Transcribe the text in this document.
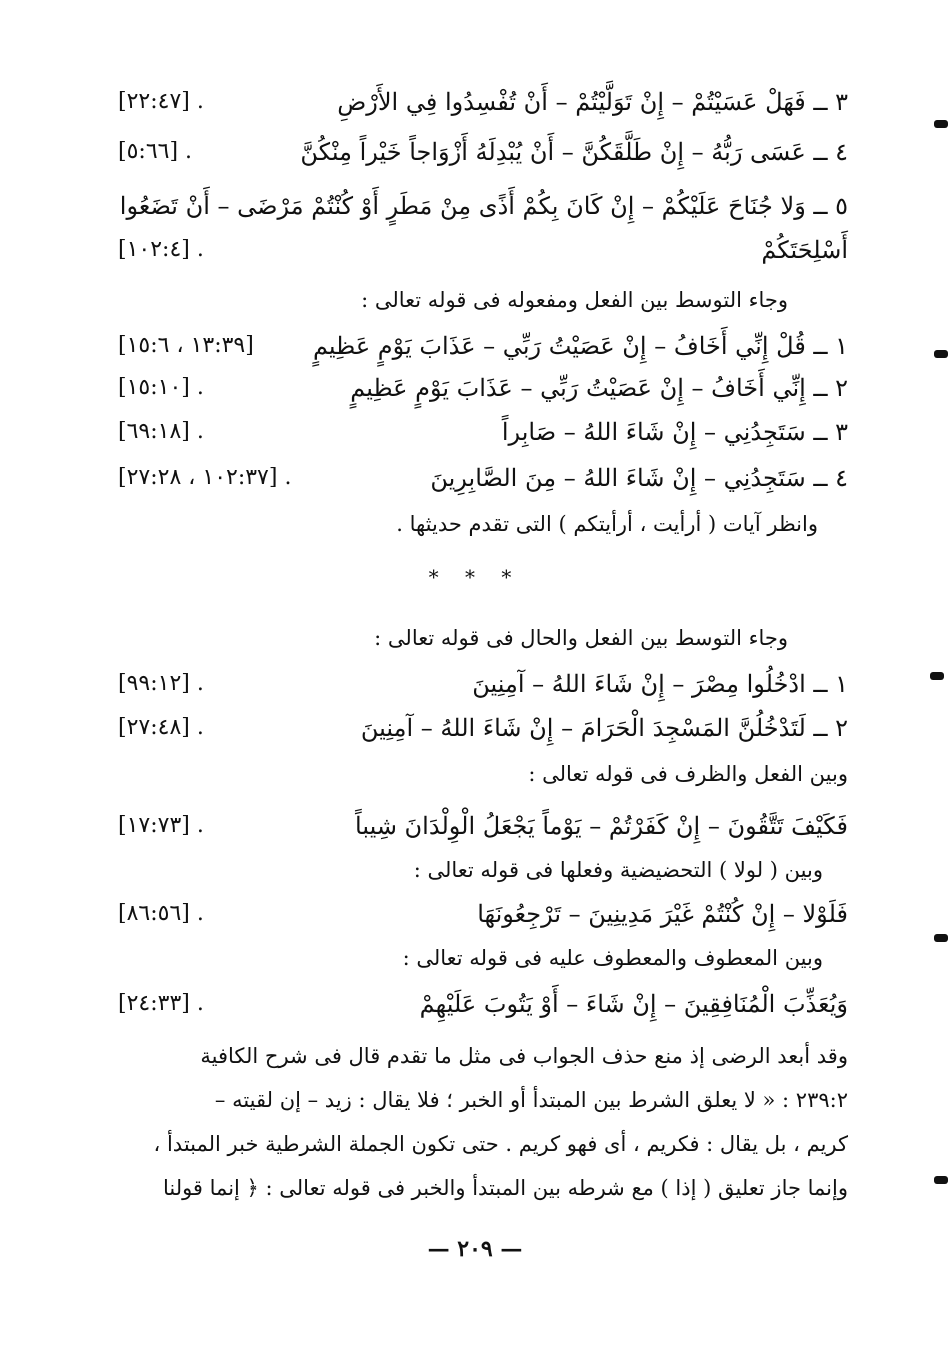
٣ ــ فَهَلْ عَسَيْتُمْ – إِنْ تَوَلَّيْتُمْ – أَنْ تُفْسِدُوا فِي الأَرْضِ
[٢٢:٤٧] .
٤ ــ عَسَى رَبُّهُ – إِنْ طَلَّقَكُنَّ – أَنْ يُبْدِلَهُ أَزْوَاجاً خَيْراً مِنْكُنَّ
[٥:٦٦] .
٥ ــ وَلا جُنَاحَ عَلَيْكُمْ – إِنْ كَانَ بِكُمْ أَذًى مِنْ مَطَرٍ أَوْ كُنْتُمْ مَرْضَى – أَنْ تَضَعُوا
أَسْلِحَتَكُمْ
[١٠٢:٤] .
وجاء التوسط بين الفعل ومفعوله فى قوله تعالى :
١ ــ قُلْ إِنِّي أَخَافُ – إِنْ عَصَيْتُ رَبِّي – عَذَابَ يَوْمٍ عَظِيمٍ
[١٣:٣٩ ، ١٥:٦]
٢ ــ إِنِّي أَخَافُ – إِنْ عَصَيْتُ رَبِّي – عَذَابَ يَوْمٍ عَظِيمٍ
[١٥:١٠] .
٣ ــ سَتَجِدُنِي – إِنْ شَاءَ اللهُ – صَابِراً
[٦٩:١٨] .
٤ ــ سَتَجِدُنِي – إِنْ شَاءَ اللهُ – مِنَ الصَّابِرِينَ
[١٠٢:٣٧ ، ٢٧:٢٨] .
وانظر آيات ( أرأيت ، أرأيتكم ) التى تقدم حديثها .
* * *
وجاء التوسط بين الفعل والحال فى قوله تعالى :
١ ــ ادْخُلُوا مِصْرَ – إِنْ شَاءَ اللهُ – آمِنِينَ
[٩٩:١٢] .
٢ ــ لَتَدْخُلُنَّ المَسْجِدَ الْحَرَامَ – إِنْ شَاءَ اللهُ – آمِنِينَ
[٢٧:٤٨] .
وبين الفعل والظرف فى قوله تعالى :
فَكَيْفَ تَتَّقُونَ – إِنْ كَفَرْتُمْ – يَوْماً يَجْعَلُ الْوِلْدَانَ شِيباً
[١٧:٧٣] .
وبين ( لولا ) التحضيضية وفعلها فى قوله تعالى :
فَلَوْلا – إِنْ كُنْتُمْ غَيْرَ مَدِينِينَ – تَرْجِعُونَهَا
[٨٦:٥٦] .
وبين المعطوف والمعطوف عليه فى قوله تعالى :
وَيُعَذِّبَ الْمُنَافِقِينَ – إِنْ شَاءَ – أَوْ يَتُوبَ عَلَيْهِمْ
[٢٤:٣٣] .
وقد أبعد الرضى إذ منع حذف الجواب فى مثل ما تقدم قال فى شرح الكافية
٢٣٩:٢ : « لا يعلق الشرط بين المبتدأ أو الخبر ؛ فلا يقال : زيد – إن لقيته –
كريم ، بل يقال : فكريم ، أى فهو كريم . حتى تكون الجملة الشرطية خبر المبتدأ ،
وإنما جاز تعليق ( إذا ) مع شرطه بين المبتدأ والخبر فى قوله تعالى : ﴿ إنما قولنا
— ٢٠٩ —
